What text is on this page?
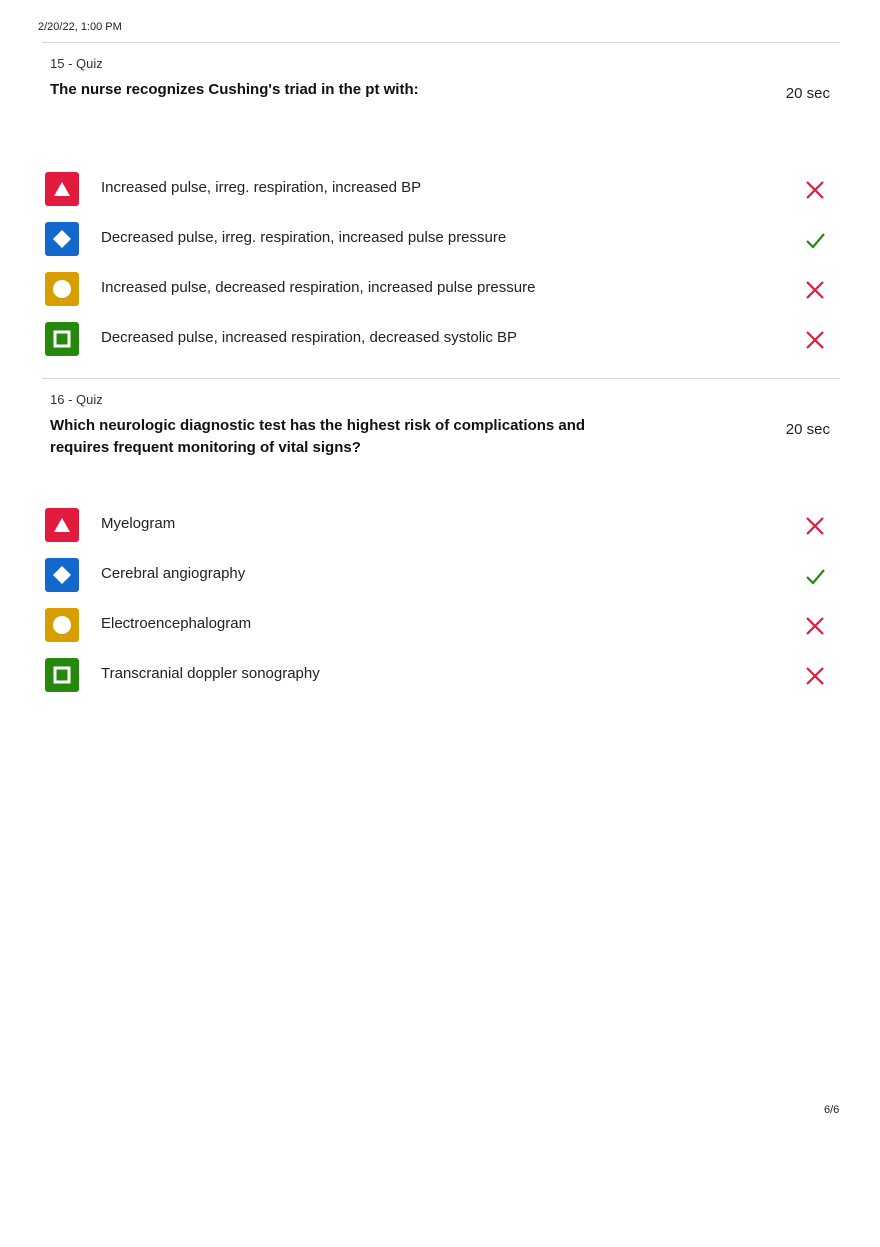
2/20/22, 1:00 PM
15 - Quiz
The nurse recognizes Cushing's triad in the pt with:	20 sec
Increased pulse, irreg. respiration, increased BP
Decreased pulse, irreg. respiration, increased pulse pressure
Increased pulse, decreased respiration, increased pulse pressure
Decreased pulse, increased respiration, decreased systolic BP
16 - Quiz
Which neurologic diagnostic test has the highest risk of complications and requires frequent monitoring of vital signs?
20 sec
Myelogram
Cerebral angiography
Electroencephalogram
Transcranial doppler sonography
6/6
